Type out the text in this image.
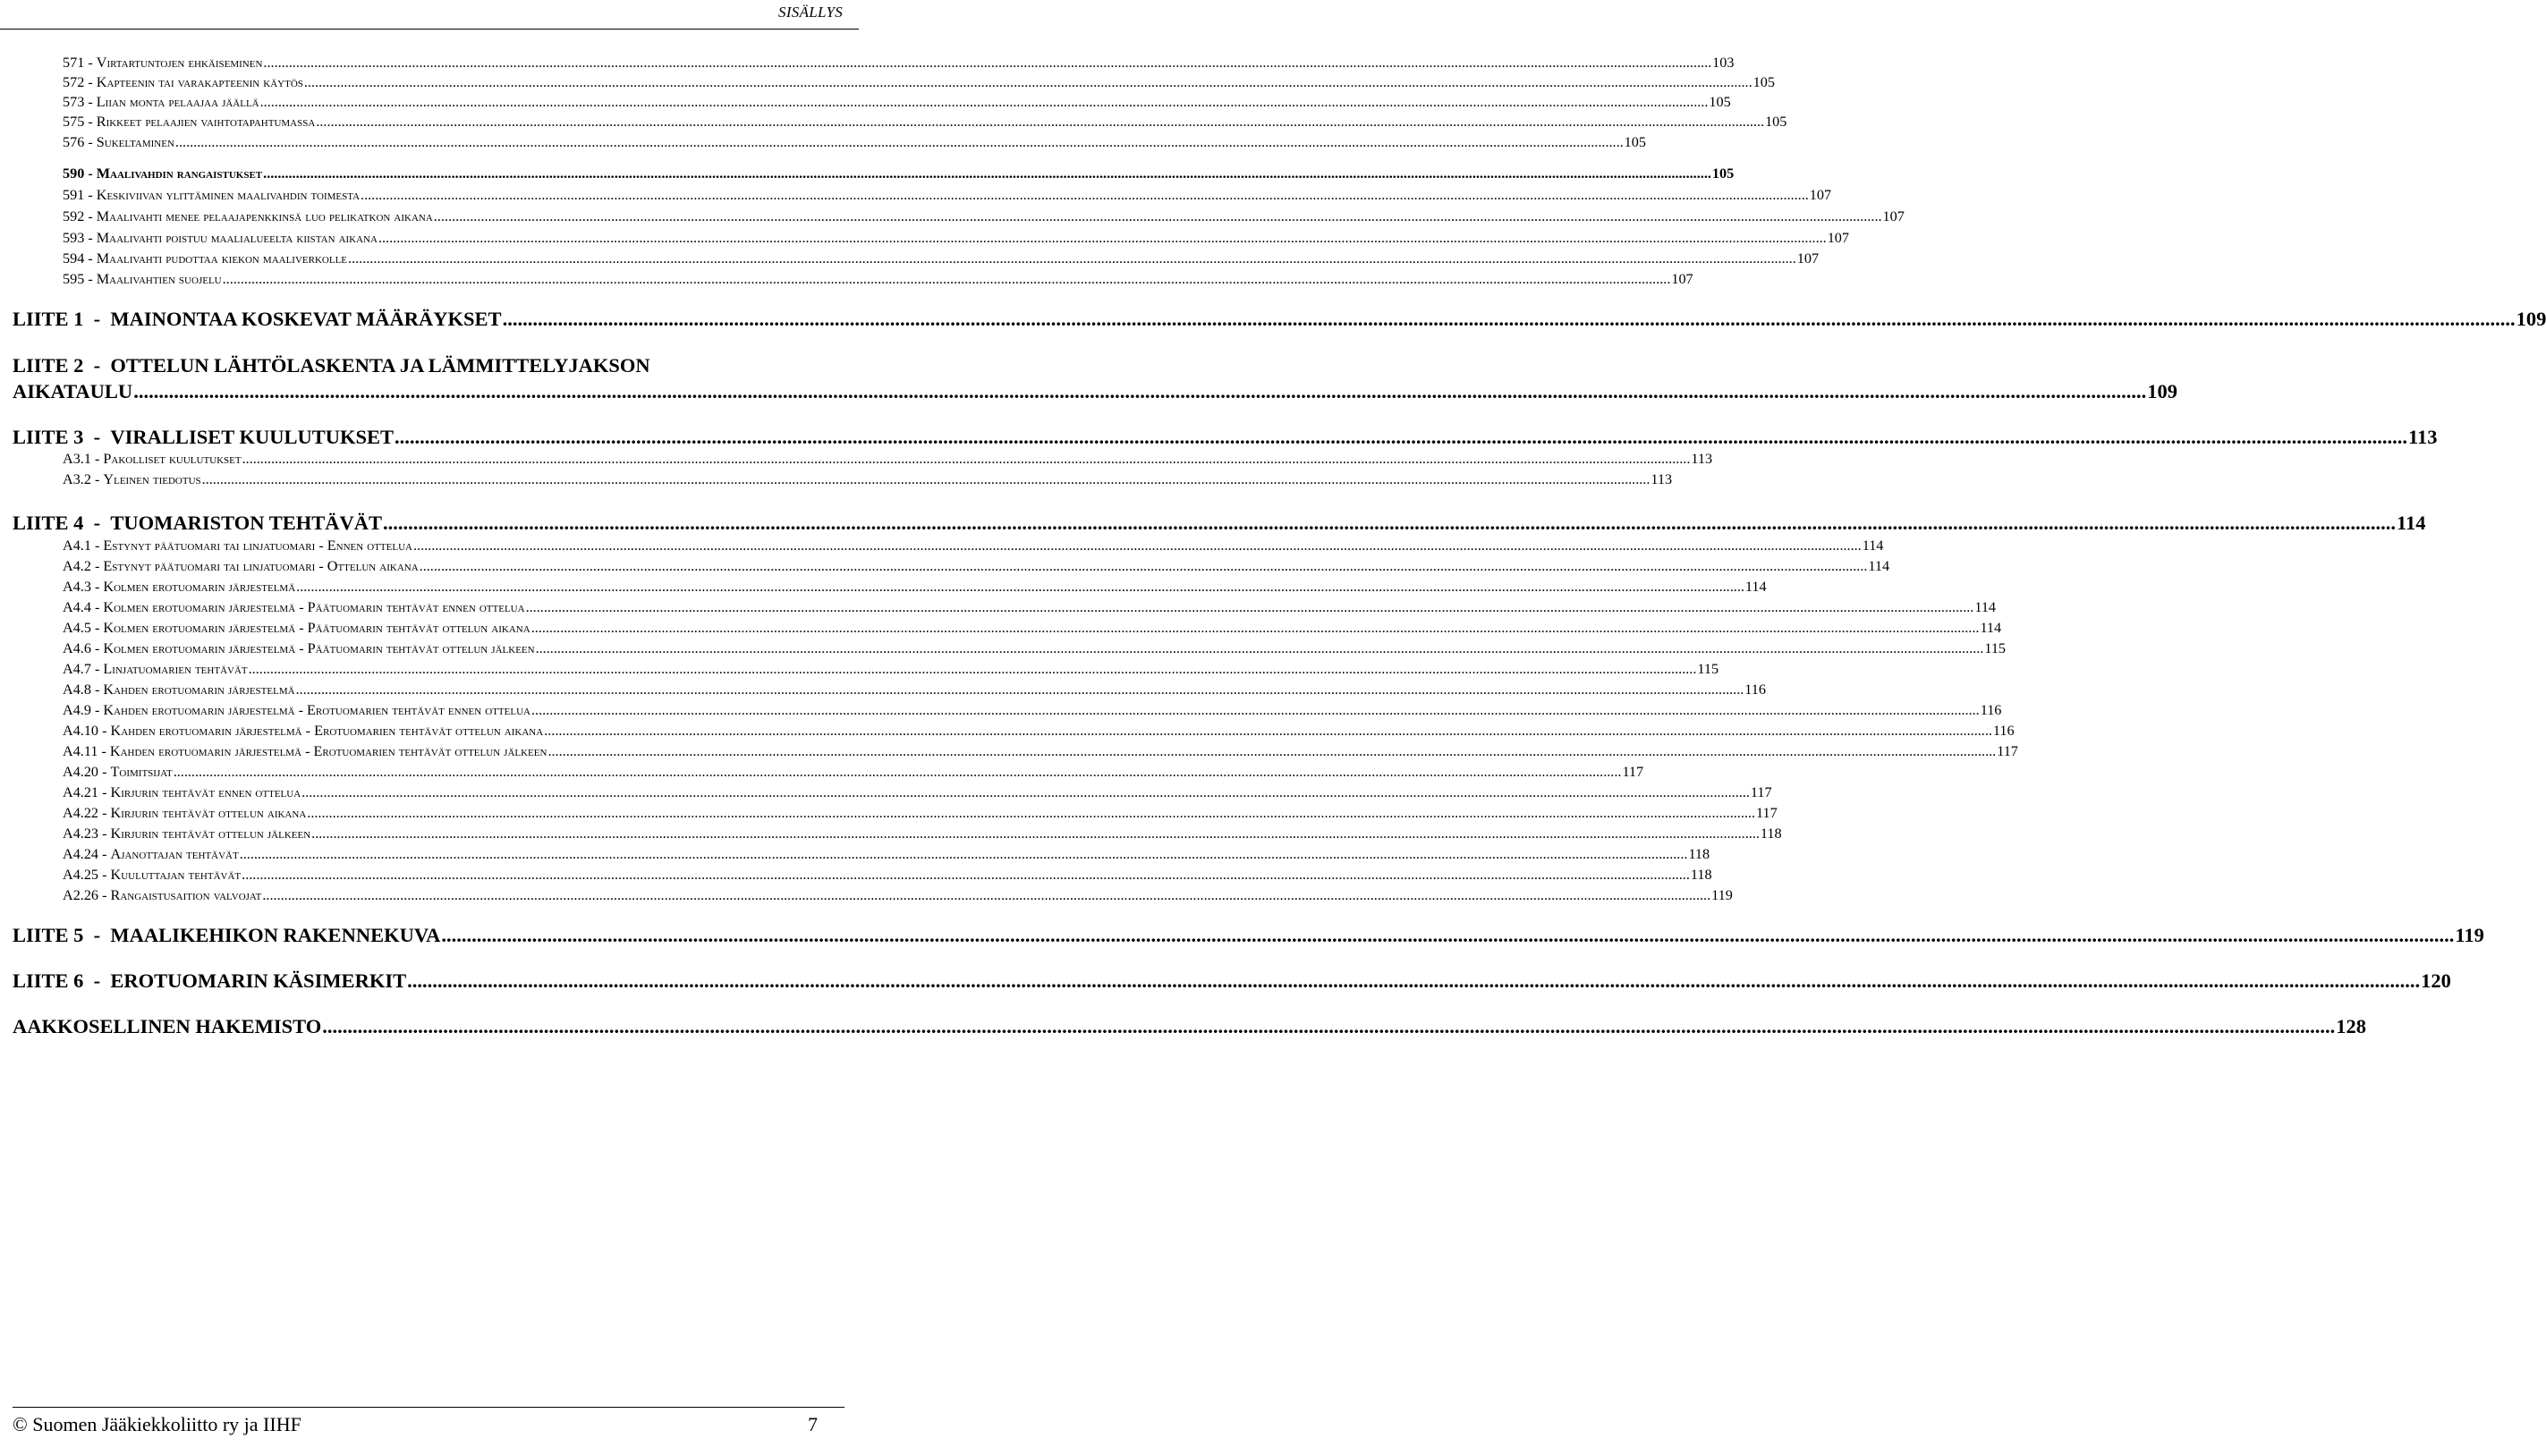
SISÄLLYS
571 - Virtartuntojen ehkäiseminen ................................................................................................................................................................................................................................................................................................................................................................................................................ 103
572 - Kapteenin tai varakapteenin käytös ................................................................................................................................................................................................................................................................................................................................................................................................................ 105
573 - Liian monta pelaajaa jäällä ................................................................................................................................................................................................................................................................................................................................................................................................................ 105
575 - Rikkeet pelaajien vaihtotapahtumassa ................................................................................................................................................................................................................................................................................................................................................................................................................ 105
576 - Sukeltaminen ................................................................................................................................................................................................................................................................................................................................................................................................................ 105
590 - Maalivahdin rangaistukset ................................................................................................................................................................................................................................................................................................................................................................................................................ 105
591 - Keskiviivan ylittäminen maalivahdin toimesta ................................................................................................................................................................................................................................................................................................................................................................................................................ 107
592 - Maalivahti menee pelaajapenkkinsä luo pelikatkon aikana ................................................................................................................................................................................................................................................................................................................................................................................................................ 107
593 - Maalivahti poistuu maalialueelta kiistan aikana ................................................................................................................................................................................................................................................................................................................................................................................................................ 107
594 - Maalivahti pudottaa kiekon maaliverkolle ................................................................................................................................................................................................................................................................................................................................................................................................................ 107
595 - Maalivahtien suojelu ................................................................................................................................................................................................................................................................................................................................................................................................................ 107
LIITE 1  -  MAINONTAA KOSKEVAT MÄÄRÄYKSET ................................................................................................................................................................................................................................................................................................................................................................................................................ 109
LIITE 2  -  OTTELUN LÄHTÖLASKENTA JA LÄMMITTELYJAKSON
AIKATAULU ................................................................................................................................................................................................................................................................................................................................................................................................................ 109
LIITE 3  -  VIRALLISET KUULUTUKSET ................................................................................................................................................................................................................................................................................................................................................................................................................ 113
A3.1 - Pakolliset kuulutukset ................................................................................................................................................................................................................................................................................................................................................................................................................ 113
A3.2 - Yleinen tiedotus ................................................................................................................................................................................................................................................................................................................................................................................................................ 113
LIITE 4  -  TUOMARISTON TEHTÄVÄT ................................................................................................................................................................................................................................................................................................................................................................................................................ 114
A4.1 - Estynyt päätuomari tai linjatuomari - Ennen ottelua ................................................................................................................................................................................................................................................................................................................................................................................................................ 114
A4.2 - Estynyt päätuomari tai linjatuomari - Ottelun aikana ................................................................................................................................................................................................................................................................................................................................................................................................................ 114
A4.3 - Kolmen erotuomarin järjestelmä ................................................................................................................................................................................................................................................................................................................................................................................................................ 114
A4.4 - Kolmen erotuomarin järjestelmä - Päätuomarin tehtävät ennen ottelua ................................................................................................................................................................................................................................................................................................................................................................................................................ 114
A4.5 - Kolmen erotuomarin järjestelmä - Päätuomarin tehtävät ottelun aikana ................................................................................................................................................................................................................................................................................................................................................................................................................ 114
A4.6 - Kolmen erotuomarin järjestelmä - Päätuomarin tehtävät ottelun jälkeen ................................................................................................................................................................................................................................................................................................................................................................................................................ 115
A4.7 - Linjatuomarien tehtävät ................................................................................................................................................................................................................................................................................................................................................................................................................ 115
A4.8 - Kahden erotuomarin järjestelmä ................................................................................................................................................................................................................................................................................................................................................................................................................ 116
A4.9 - Kahden erotuomarin järjestelmä - Erotuomarien tehtävät ennen ottelua ................................................................................................................................................................................................................................................................................................................................................................................................................ 116
A4.10 - Kahden erotuomarin järjestelmä - Erotuomarien tehtävät ottelun aikana ................................................................................................................................................................................................................................................................................................................................................................................................................ 116
A4.11 - Kahden erotuomarin järjestelmä - Erotuomarien tehtävät ottelun jälkeen ................................................................................................................................................................................................................................................................................................................................................................................................................ 117
A4.20 - Toimitsijat ................................................................................................................................................................................................................................................................................................................................................................................................................ 117
A4.21 - Kirjurin tehtävät ennen ottelua ................................................................................................................................................................................................................................................................................................................................................................................................................ 117
A4.22 - Kirjurin tehtävät ottelun aikana ................................................................................................................................................................................................................................................................................................................................................................................................................ 117
A4.23 - Kirjurin tehtävät ottelun jälkeen ................................................................................................................................................................................................................................................................................................................................................................................................................ 118
A4.24 - Ajanottajan tehtävät ................................................................................................................................................................................................................................................................................................................................................................................................................ 118
A4.25 - Kuuluttajan tehtävät ................................................................................................................................................................................................................................................................................................................................................................................................................ 118
A2.26 - Rangaistusaition valvojat ................................................................................................................................................................................................................................................................................................................................................................................................................ 119
LIITE 5  -  MAALIKEHIKON RAKENNEKUVA ................................................................................................................................................................................................................................................................................................................................................................................................................ 119
LIITE 6  -  EROTUOMARIN KÄSIMERKIT ................................................................................................................................................................................................................................................................................................................................................................................................................ 120
AAKKOSELLINEN HAKEMISTO ................................................................................................................................................................................................................................................................................................................................................................................................................ 128
© Suomen Jääkiekkoliitto ry ja IIHF	7
